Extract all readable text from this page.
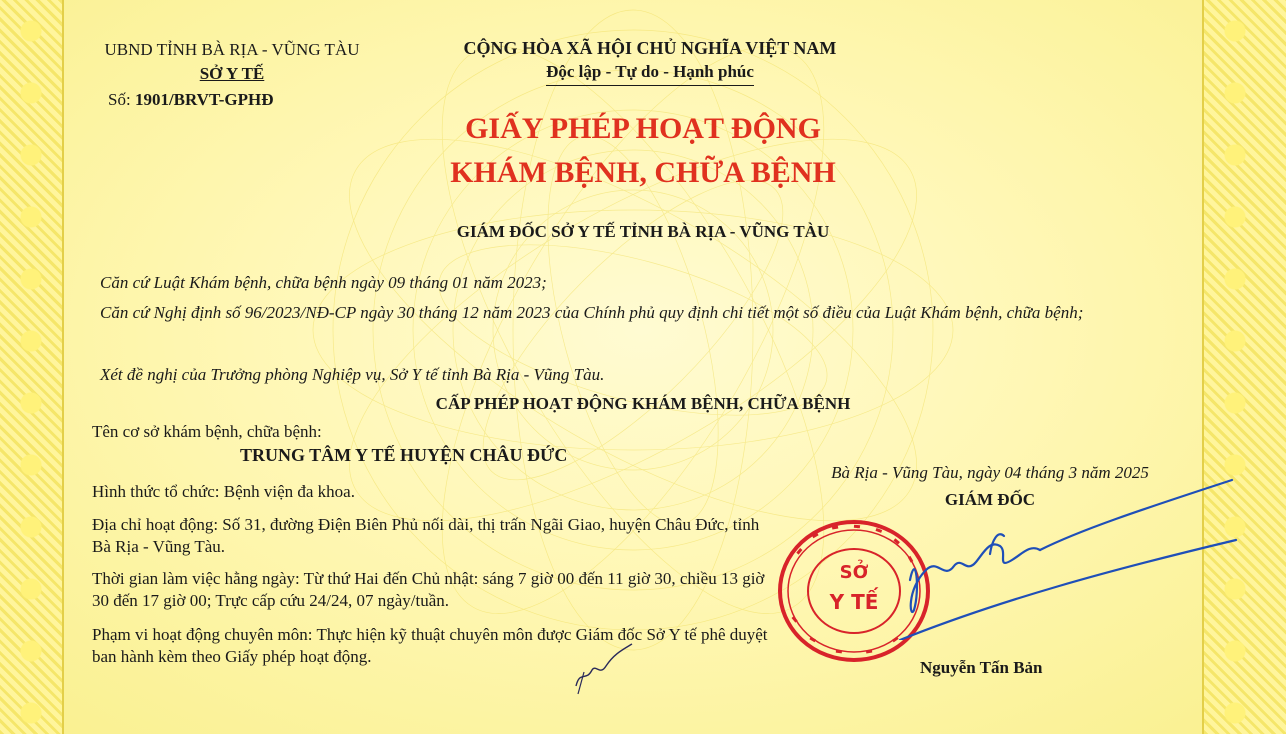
UBND TỈNH BÀ RỊA - VŨNG TÀU
SỞ Y TẾ
Số: 1901/BRVT-GPHĐ
CỘNG HÒA XÃ HỘI CHỦ NGHĨA VIỆT NAM
Độc lập - Tự do - Hạnh phúc
GIẤY PHÉP HOẠT ĐỘNG
KHÁM BỆNH, CHỮA BỆNH
GIÁM ĐỐC SỞ Y TẾ TỈNH BÀ RỊA - VŨNG TÀU
Căn cứ Luật Khám bệnh, chữa bệnh ngày 09 tháng 01 năm 2023;
Căn cứ Nghị định số 96/2023/NĐ-CP ngày 30 tháng 12 năm 2023 của Chính phủ quy định chi tiết một số điều của Luật Khám bệnh, chữa bệnh;
Xét đề nghị của Trưởng phòng Nghiệp vụ, Sở Y tế tỉnh Bà Rịa - Vũng Tàu.
CẤP PHÉP HOẠT ĐỘNG KHÁM BỆNH, CHỮA BỆNH
Tên cơ sở khám bệnh, chữa bệnh:
TRUNG TÂM Y TẾ HUYỆN CHÂU ĐỨC
Hình thức tổ chức: Bệnh viện đa khoa.
Địa chỉ hoạt động: Số 31, đường Điện Biên Phủ nối dài, thị trấn Ngãi Giao, huyện Châu Đức, tỉnh Bà Rịa - Vũng Tàu.
Thời gian làm việc hằng ngày: Từ thứ Hai đến Chủ nhật: sáng 7 giờ 00 đến 11 giờ 30, chiều 13 giờ 30 đến 17 giờ 00; Trực cấp cứu 24/24, 07 ngày/tuần.
Phạm vi hoạt động chuyên môn: Thực hiện kỹ thuật chuyên môn được Giám đốc Sở Y tế phê duyệt ban hành kèm theo Giấy phép hoạt động.
Bà Rịa - Vũng Tàu, ngày 04 tháng 3 năm 2025
GIÁM ĐỐC
SỞ
Y TẾ
Nguyễn Tấn Bản
